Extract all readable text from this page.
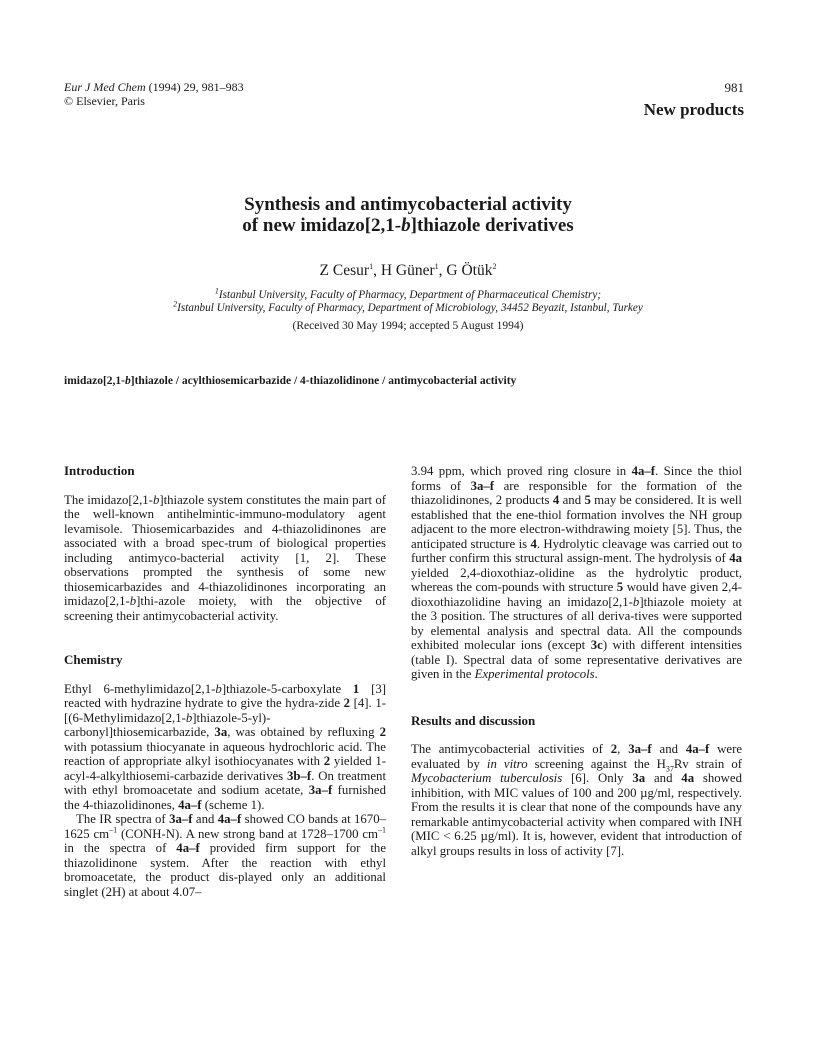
Eur J Med Chem (1994) 29, 981–983
© Elsevier, Paris
981
New products
Synthesis and antimycobacterial activity
of new imidazo[2,1-b]thiazole derivatives
Z Cesur$^1$, H Güner$^1$, G Ötük$^2$
$^1$Istanbul University, Faculty of Pharmacy, Department of Pharmaceutical Chemistry;
$^2$Istanbul University, Faculty of Pharmacy, Department of Microbiology, 34452 Beyazit, Istanbul, Turkey
(Received 30 May 1994; accepted 5 August 1994)
imidazo[2,1-b]thiazole / acylthiosemicarbazide / 4-thiazolidinone / antimycobacterial activity
Introduction

The imidazo[2,1-b]thiazole system constitutes the main part of the well-known antihelmintic-immuno-modulatory agent levamisole. Thiosemicarbazides and 4-thiazolidinones are associated with a broad spec-trum of biological properties including antimyco-bacterial activity [1, 2]. These observations prompted the synthesis of some new thiosemicarbazides and 4-thiazolidinones incorporating an imidazo[2,1-b]thi-azole moiety, with the objective of screening their antimycobacterial activity.

Chemistry

Ethyl 6-methylimidazo[2,1-b]thiazole-5-carboxylate 1 [3] reacted with hydrazine hydrate to give the hydra-zide 2 [4]. 1-[(6-Methylimidazo[2,1-b]thiazole-5-yl)-carbonyl]thiosemicarbazide, 3a, was obtained by refluxing 2 with potassium thiocyanate in aqueous hydrochloric acid. The reaction of appropriate alkyl isothiocyanates with 2 yielded 1-acyl-4-alkylthiosemi-carbazide derivatives 3b–f. On treatment with ethyl bromoacetate and sodium acetate, 3a–f furnished the 4-thiazolidinones, 4a–f (scheme 1).

The IR spectra of 3a–f and 4a–f showed CO bands at 1670–1625 $cm^{-1}$ (CONH-N). A new strong band at 1728–1700 $cm^{-1}$ in the spectra of 4a–f provided firm support for the thiazolidinone system. After the reaction with ethyl bromoacetate, the product dis-played only an additional singlet (2H) at about 4.07–

3.94 ppm, which proved ring closure in 4a–f. Since the thiol forms of 3a–f are responsible for the formation of the thiazolidinones, 2 products 4 and 5 may be considered. It is well established that the ene-thiol formation involves the NH group adjacent to the more electron-withdrawing moiety [5]. Thus, the anticipated structure is 4. Hydrolytic cleavage was carried out to further confirm this structural assign-ment. The hydrolysis of 4a yielded 2,4-dioxothiaz-olidine as the hydrolytic product, whereas the com-pounds with structure 5 would have given 2,4-dioxothiazolidine having an imidazo[2,1-b]thiazole moiety at the 3 position. The structures of all deriva-tives were supported by elemental analysis and spectral data. All the compounds exhibited molecular ions (except 3c) with different intensities (table I). Spectral data of some representative derivatives are given in the Experimental protocols.

Results and discussion

The antimycobacterial activities of 2, 3a–f and 4a–f were evaluated by in vitro screening against the $H_{37}Rv$ strain of Mycobacterium tuberculosis [6]. Only 3a and 4a showed inhibition, with MIC values of 100 and 200 µg/ml, respectively. From the results it is clear that none of the compounds have any remarkable antimycobacterial activity when compared with INH (MIC < 6.25 µg/ml). It is, however, evident that introduction of alkyl groups results in loss of activity [7].
